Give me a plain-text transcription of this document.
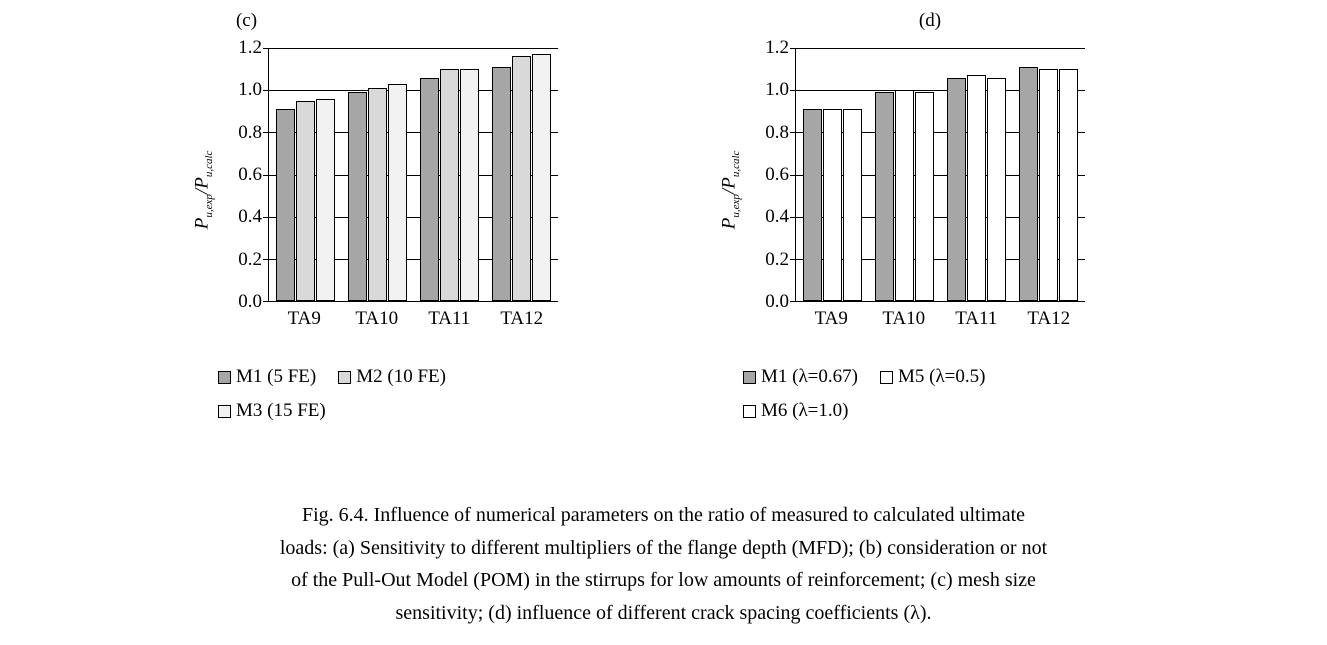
(c)
$P_{u,exp}/P_{u,calc}$
1.2
1.0
0.8
0.6
0.4
0.2
0.0
TA9	TA10	TA11	TA12
M1 (5 FE) M2 (10 FE)
M3 (15 FE)
(d)
$P_{u,exp}/P_{u,calc}$
1.2
1.0
0.8
0.6
0.4
0.2
0.0
TA9	TA10	TA11	TA12
M1 (λ=0.67) M5 (λ=0.5)
M6 (λ=1.0)
Fig. 6.4. Influence of numerical parameters on the ratio of measured to calculated ultimate
loads: (a) Sensitivity to different multipliers of the flange depth (MFD); (b) consideration or not
of the Pull-Out Model (POM) in the stirrups for low amounts of reinforcement; (c) mesh size
sensitivity; (d) influence of different crack spacing coefficients (λ).
